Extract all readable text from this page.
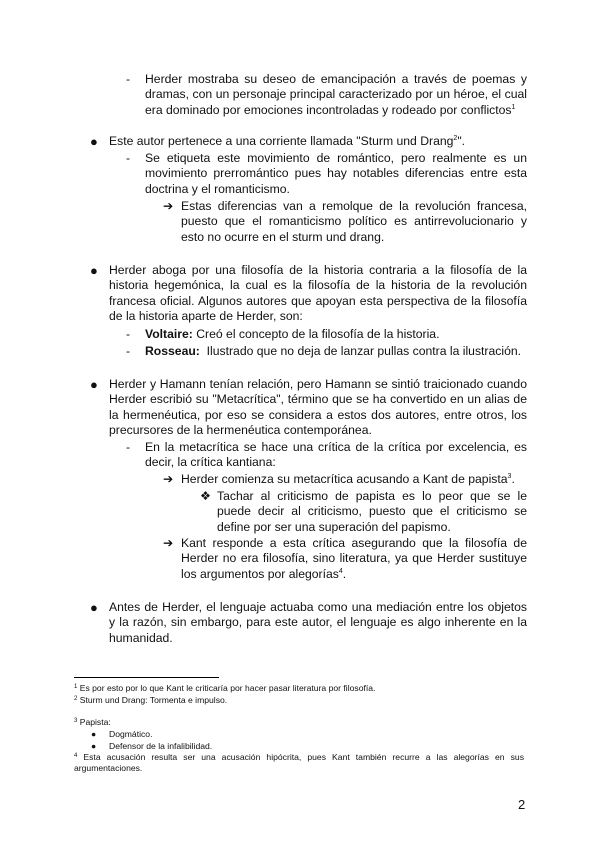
- Herder mostraba su deseo de emancipación a través de poemas y dramas, con un personaje principal caracterizado por un héroe, el cual era dominado por emociones incontroladas y rodeado por conflictos$^1$
● Este autor pertenece a una corriente llamada "Sturm und Drang$^2$".
- Se etiqueta este movimiento de romántico, pero realmente es un movimiento prerromántico pues hay notables diferencias entre esta doctrina y el romanticismo.
➔ Estas diferencias van a remolque de la revolución francesa, puesto que el romanticismo político es antirrevolucionario y esto no ocurre en el sturm und drang.
● Herder aboga por una filosofía de la historia contraria a la filosofía de la historia hegemónica, la cual es la filosofía de la historia de la revolución francesa oficial. Algunos autores que apoyan esta perspectiva de la filosofía de la historia aparte de Herder, son:
- Voltaire: Creó el concepto de la filosofía de la historia.
- Rosseau:  Ilustrado que no deja de lanzar pullas contra la ilustración.
● Herder y Hamann tenían relación, pero Hamann se sintió traicionado cuando Herder escribió su "Metacrítica", término que se ha convertido en un alias de la hermenéutica, por eso se considera a estos dos autores, entre otros, los precursores de la hermenéutica contemporánea.
- En la metacrítica se hace una crítica de la crítica por excelencia, es decir, la crítica kantiana:
➔ Herder comienza su metacrítica acusando a Kant de papista$^3$.
❖ Tachar al criticismo de papista es lo peor que se le puede decir al criticismo, puesto que el criticismo se define por ser una superación del papismo.
➔ Kant responde a esta crítica asegurando que la filosofía de Herder no era filosofía, sino literatura, ya que Herder sustituye los argumentos por alegorías$^4$.
● Antes de Herder, el lenguaje actuaba como una mediación entre los objetos y la razón, sin embargo, para este autor, el lenguaje es algo inherente en la humanidad.
$^1$ Es por esto por lo que Kant le criticaría por hacer pasar literatura por filosofía.
$^2$ Sturm und Drang: Tormenta e impulso.
$^3$ Papista:
● Dogmático.
● Defensor de la infalibilidad.
$^4$ Esta acusación resulta ser una acusación hipócrita, pues Kant también recurre a las alegorías en sus argumentaciones.
2
